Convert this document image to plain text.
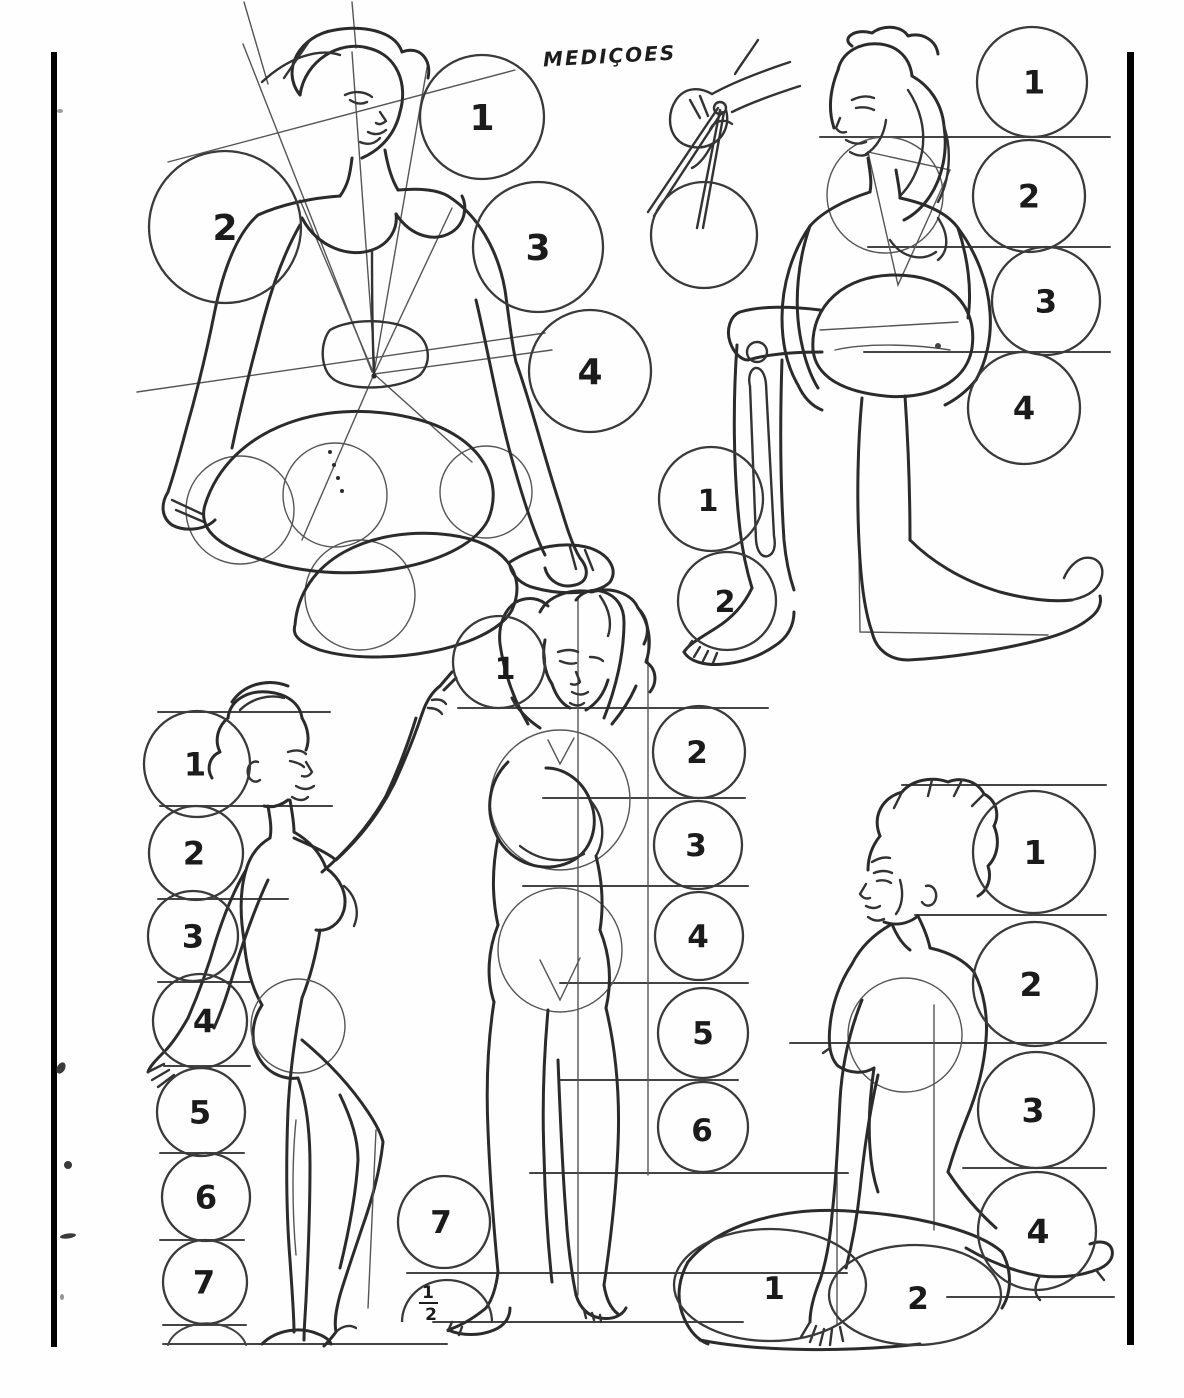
MEDIÇOES
1
2	3
4
1
2
3
4
1
2
1
2
3
4
5
6
7
1
2
3
4
5
6
7
1
2
1	2
1
2
3
4
